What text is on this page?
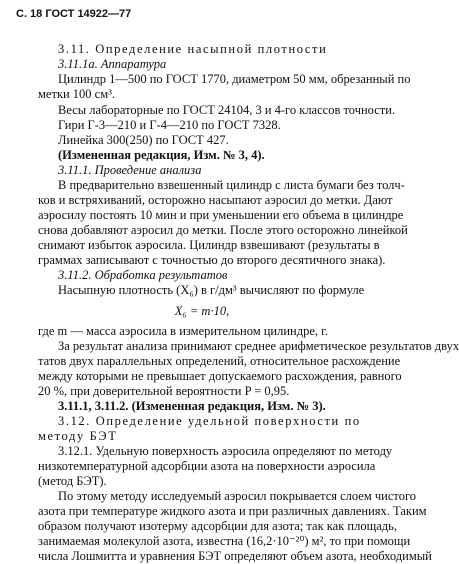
С. 18 ГОСТ 14922—77
3.11. Определение насыпной плотности
3.11.1а. Аппаратура
Цилиндр 1—500 по ГОСТ 1770, диаметром 50 мм, обрезанный по
метки 100 см³.
Весы лабораторные по ГОСТ 24104, 3 и 4-го классов точности.
Гири Г-3—210 и Г-4—210 по ГОСТ 7328.
Линейка 300(250) по ГОСТ 427.
(Измененная редакция, Изм. № 3, 4).
3.11.1. Проведение анализа
В предварительно взвешенный цилиндр с листа бумаги без толч-
ков и встряхиваний, осторожно насыпают аэросил до метки. Дают
аэросилу постоять 10 мин и при уменьшении его объема в цилиндре
снова добавляют аэросил до метки. После этого осторожно линейкой
снимают избыток аэросила. Цилиндр взвешивают (результаты в
граммах записывают с точностью до второго десятичного знака).
3.11.2. Обработка результатов
Насыпную плотность (X₆) в г/дм³ вычисляют по формуле
X₆ = m·10,
где m — масса аэросила в измерительном цилиндре, г.
За результат анализа принимают среднее арифметическое результатов двух
татов двух параллельных определений, относительное расхождение
между которыми не превышает допускаемого расхождения, равного
20 %, при доверительной вероятности P = 0,95.
3.11.1, 3.11.2. (Измененная редакция, Изм. № 3).
3.12. Определение удельной поверхности по
методу БЭТ
3.12.1. Удельную поверхность аэросила определяют по методу
низкотемпературной адсорбции азота на поверхности аэросила
(метод БЭТ).
По этому методу исследуемый аэросил покрывается слоем чистого
азота при температуре жидкого азота и при различных давлениях. Таким
образом получают изотерму адсорбции для азота; так как площадь,
занимаемая молекулой азота, известна (16,2·10⁻²⁰) м², то при помощи
числа Лошмитта и уравнения БЭТ определяют объем азота, необходимый
